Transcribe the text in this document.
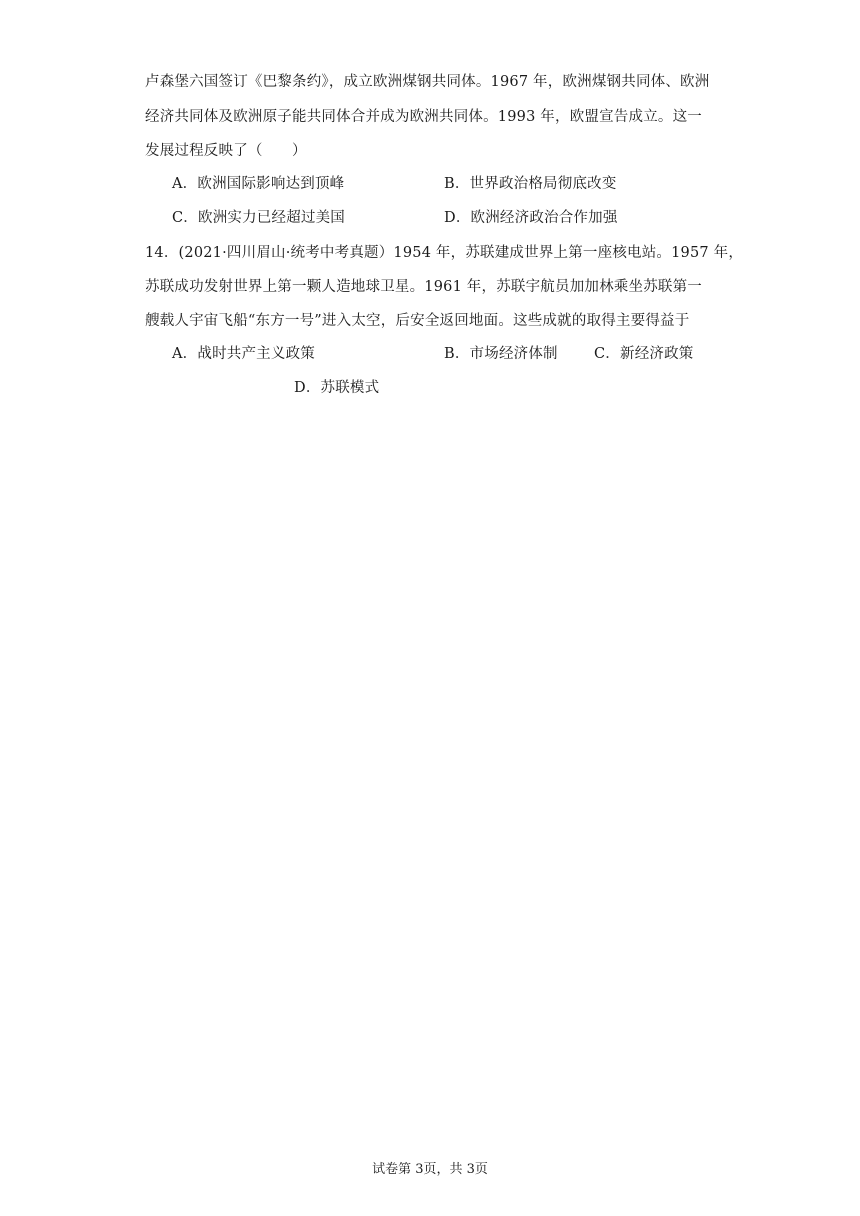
卢森堡六国签订《巴黎条约》，成立欧洲煤钢共同体。1967 年，欧洲煤钢共同体、欧洲
经济共同体及欧洲原子能共同体合并成为欧洲共同体。1993 年，欧盟宣告成立。这一
发展过程反映了（　　）
A．欧洲国际影响达到顶峰	B．世界政治格局彻底改变
C．欧洲实力已经超过美国	D．欧洲经济政治合作加强
14．(2021·四川眉山·统考中考真题）1954 年，苏联建成世界上第一座核电站。1957 年，
苏联成功发射世界上第一颗人造地球卫星。1961 年，苏联宇航员加加林乘坐苏联第一
艘载人宇宙飞船“东方一号”进入太空，后安全返回地面。这些成就的取得主要得益于
A．战时共产主义政策	B．市场经济体制 C．新经济政策
D．苏联模式
试卷第 3页，共 3页
